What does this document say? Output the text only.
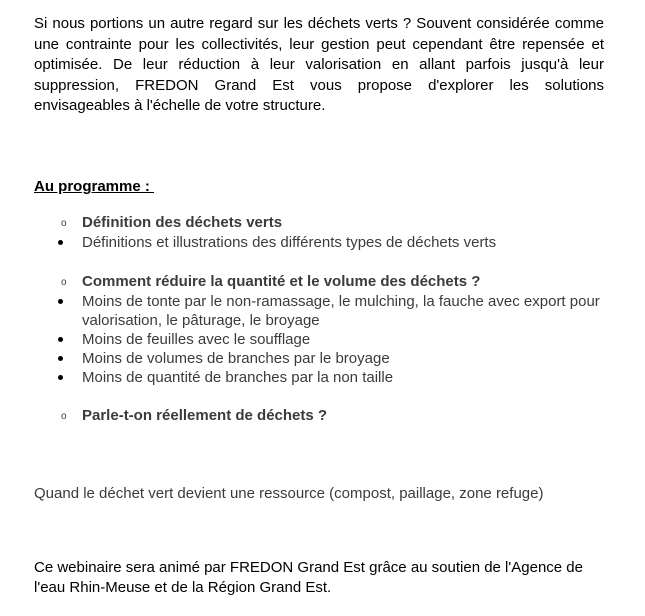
Si nous portions un autre regard sur les déchets verts ? Souvent considérée comme une contrainte pour les collectivités, leur gestion peut cependant être repensée et optimisée. De leur réduction à leur valorisation en allant parfois jusqu'à leur suppression, FREDON Grand Est vous propose d'explorer les solutions envisageables à l'échelle de votre structure.

Au programme :

o Définition des déchets verts

Définitions et illustrations des différents types de déchets verts

o Comment réduire la quantité et le volume des déchets ?

Moins de tonte par le non-ramassage, le mulching, la fauche avec export pour valorisation, le pâturage, le broyage
Moins de feuilles avec le soufflage
Moins de volumes de branches par le broyage
Moins de quantité de branches par la non taille

o Parle-t-on réellement de déchets ?

Quand le déchet vert devient une ressource (compost, paillage, zone refuge)

Ce webinaire sera animé par FREDON Grand Est grâce au soutien de l'Agence de l'eau Rhin-Meuse et de la Région Grand Est.
